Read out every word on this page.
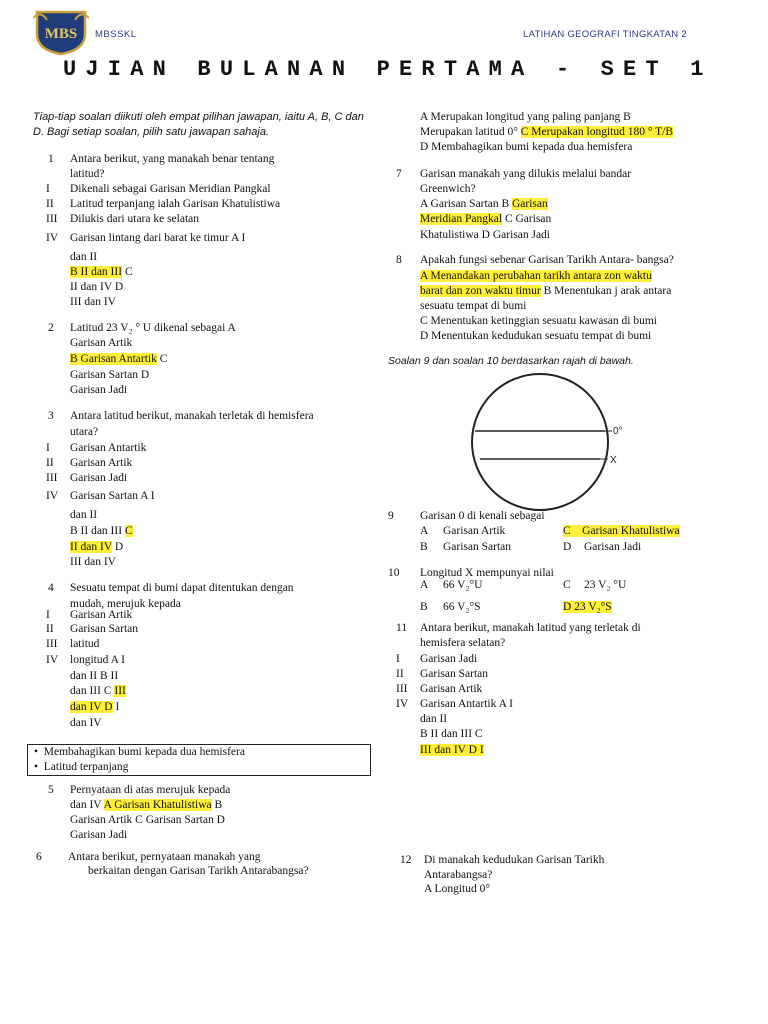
MBS MBSSKL	LATIHAN GEOGRAFI TINGKATAN 2
UJIAN BULANAN PERTAMA - SET 1
Tiap-tiap soalan diikuti oleh empat pilihan jawapan, iaitu A, B, C dan D. Bagi setiap soalan, pilih satu jawapan sahaja.
1 Antara berikut, yang manakah benar tentang
latitud?
I Dikenali sebagai Garisan Meridian Pangkal
II Latitud terpanjang ialah Garisan Khatulistiwa
III Dilukis dari utara ke selatan
IV Garisan lintang dari barat ke timur A I
dan II
B II dan III C
II dan IV D
III dan IV
2 Latitud 23 V₂ ° U dikenal sebagai A
Garisan Artik
B Garisan Antartik C
Garisan Sartan D
Garisan Jadi
3 Antara latitud berikut, manakah terletak di hemisfera
utara?
I Garisan Antartik
II Garisan Artik
III Garisan Jadi
IV Garisan Sartan A I
dan II
B II dan III C
II dan IV D
III dan IV
4 Sesuatu tempat di bumi dapat ditentukan dengan
mudah, merujuk kepada
I Garisan Artik
II Garisan Sartan
III latitud
IV longitud A I
dan II B II
dan III C III
dan IV D I
dan IV
•  Membahagikan bumi kepada dua hemisfera
•  Latitud terpanjang
5 Pernyataan di atas merujuk kepada
dan IV A Garisan Khatulistiwa B
Garisan Artik C Garisan Sartan D
Garisan Jadi
6 Antara berikut, pernyataan manakah yang
berkaitan dengan Garisan Tarikh Antarabangsa?
A Merupakan longitud yang paling panjang B
Merupakan latitud 0° C Merupakan longitud 180 ° T/B
D Membahagikan bumi kepada dua hemisfera
7 Garisan manakah yang dilukis melalui bandar
Greenwich?
A Garisan Sartan B Garisan
Meridian Pangkal C Garisan
Khatulistiwa D Garisan Jadi
8 Apakah fungsi sebenar Garisan Tarikh Antara- bangsa?
A Menandakan perubahan tarikh antara zon waktu
barat dan zon waktu timur B Menentukan j arak antara
sesuatu tempat di bumi
C Menentukan ketinggian sesuatu kawasan di bumi
D Menentukan kedudukan sesuatu tempat di bumi
Soalan 9 dan soalan 10 berdasarkan rajah di bawah.
0°
X
9 Garisan 0 di kenali sebagai
A Garisan Artik	C Garisan Khatulistiwa
B Garisan Sartan	D Garisan Jadi
10 Longitud X mempunyai nilai
A 66 V₂°U	C 23 V₂ °U
B 66 V₂°S	D 23 V₂°S
11 Antara berikut, manakah latitud yang terletak di
hemisfera selatan?
I Garisan Jadi
II Garisan Sartan
III Garisan Artik
IV Garisan Antartik A I
dan II
B II dan III C
III dan IV D I
12 Di manakah kedudukan Garisan Tarikh
Antarabangsa?
A Longitud 0°
